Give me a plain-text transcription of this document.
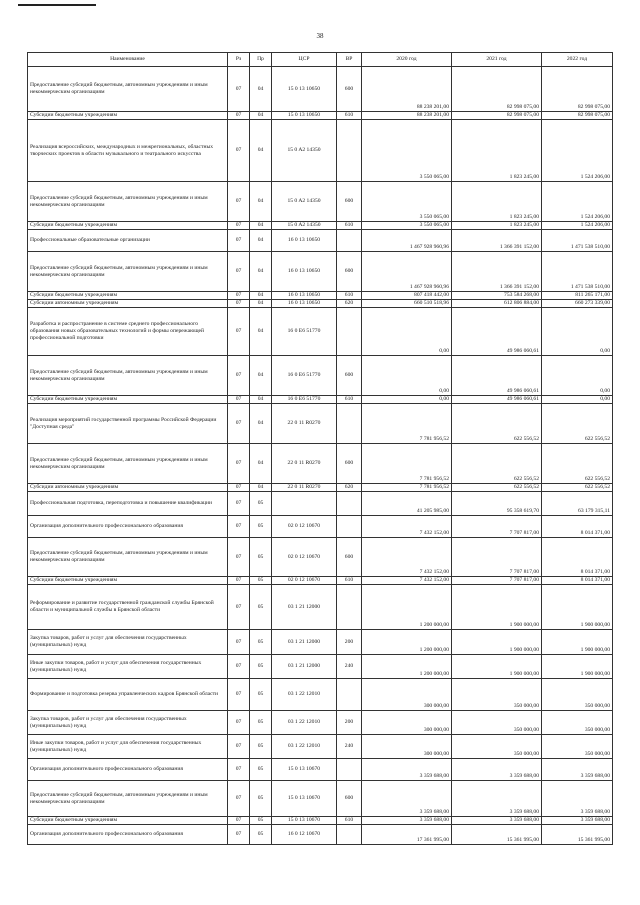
38
Наименование	Рз	Пр	ЦСР	ВР	2020 год	2021 год	2022 год
Предоставление субсидий бюджетным, автономным учреждениям и иным некоммерческим организациям	07	04	15 0 13 10650	600	88 238 201,00	82 998 075,00	82 998 075,00
Субсидии бюджетным учреждениям	07	04	15 0 13 10650	610	88 238 201,00	82 998 075,00	82 998 075,00
Реализация всероссийских, международных и межрегиональных, областных творческих проектов в области музыкального и театрального искусства	07	04	15 0 A2 14350		3 550 065,00	1 823 245,00	1 524 206,00
Предоставление субсидий бюджетным, автономным учреждениям и иным некоммерческим организациям	07	04	15 0 A2 14350	600	3 550 065,00	1 823 245,00	1 524 206,00
Субсидии бюджетным учреждениям	07	04	15 0 A2 14350	610	3 550 065,00	1 823 245,00	1 524 206,00
Профессиональные образовательные организации	07	04	16 0 13 10650		1 467 928 960,96	1 366 391 152,00	1 471 538 510,00
Предоставление субсидий бюджетным, автономным учреждениям и иным некоммерческим организациям	07	04	16 0 13 10650	600	1 467 928 960,96	1 366 391 152,00	1 471 538 510,00
Субсидии бюджетным учреждениям	07	04	16 0 13 10650	610	807 418 442,00	753 584 268,00	811 265 171,00
Субсидии автономным учреждениям	07	04	16 0 13 10650	620	660 510 518,96	612 806 884,00	660 273 339,00
Разработка и распространение в системе среднего профессионального образования новых образовательных технологий и формы опережающей профессиональной подготовки	07	04	16 0 E6 51770		0,00	49 986 060,61	0,00
Предоставление субсидий бюджетным, автономным учреждениям и иным некоммерческим организациям	07	04	16 0 E6 51770	600	0,00	49 986 060,61	0,00
Субсидии бюджетным учреждениям	07	04	16 0 E6 51770	610	0,00	49 986 060,61	0,00
Реализация мероприятий государственной программы Российской Федерации "Доступная среда"	07	04	22 0 11 R0270		7 781 956,52	622 556,52	622 556,52
Предоставление субсидий бюджетным, автономным учреждениям и иным некоммерческим организациям	07	04	22 0 11 R0270	600	7 781 956,52	622 556,52	622 556,52
Субсидии автономным учреждениям	07	04	22 0 11 R0270	620	7 781 956,52	622 556,52	622 556,52
Профессиональная подготовка, переподготовка и повышение квалификации	07	05			41 205 985,00	95 358 619,70	63 179 315,11
Организация дополнительного профессионального образования	07	05	02 0 12 10670		7 432 152,00	7 707 817,00	8 014 371,00
Предоставление субсидий бюджетным, автономным учреждениям и иным некоммерческим организациям	07	05	02 0 12 10670	600	7 432 152,00	7 707 817,00	8 014 371,00
Субсидии бюджетным учреждениям	07	05	02 0 12 10670	610	7 432 152,00	7 707 817,00	8 014 371,00
Реформирование и развитие государственной гражданской службы Брянской области и муниципальной службы в Брянской области	07	05	03 1 21 12000		1 200 000,00	1 900 000,00	1 900 000,00
Закупка товаров, работ и услуг для обеспечения государственных (муниципальных) нужд	07	05	03 1 21 12000	200	1 200 000,00	1 900 000,00	1 900 000,00
Иные закупки товаров, работ и услуг для обеспечения государственных (муниципальных) нужд	07	05	03 1 21 12000	240	1 200 000,00	1 900 000,00	1 900 000,00
Формирование и подготовка резерва управленческих кадров Брянской области	07	05	03 1 22 12010		300 000,00	350 000,00	350 000,00
Закупка товаров, работ и услуг для обеспечения государственных (муниципальных) нужд	07	05	03 1 22 12010	200	300 000,00	350 000,00	350 000,00
Иные закупки товаров, работ и услуг для обеспечения государственных (муниципальных) нужд	07	05	03 1 22 12010	240	300 000,00	350 000,00	350 000,00
Организация дополнительного профессионального образования	07	05	15 0 13 10670		3 359 688,00	3 359 688,00	3 359 688,00
Предоставление субсидий бюджетным, автономным учреждениям и иным некоммерческим организациям	07	05	15 0 13 10670	600	3 359 688,00	3 359 688,00	3 359 688,00
Субсидии бюджетным учреждениям	07	05	15 0 13 10670	610	3 359 688,00	3 359 688,00	3 359 688,00
Организация дополнительного профессионального образования	07	05	16 0 12 10670		17 361 995,00	15 361 995,00	15 361 995,00
